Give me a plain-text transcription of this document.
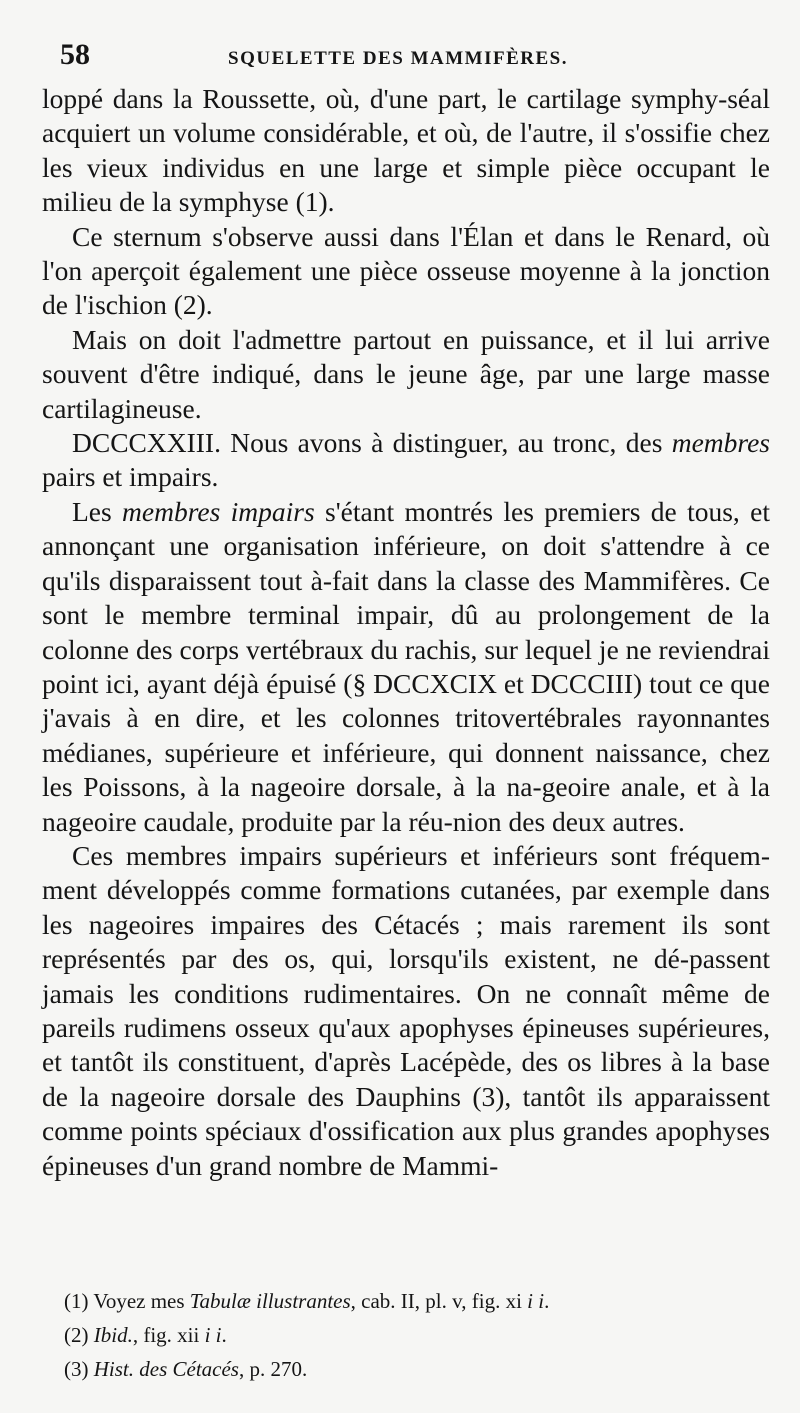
58	SQUELETTE DES MAMMIFÈRES.

loppé dans la Roussette, où, d'une part, le cartilage symphy-séal acquiert un volume considérable, et où, de l'autre, il s'ossifie chez les vieux individus en une large et simple pièce occupant le milieu de la symphyse (1).

Ce sternum s'observe aussi dans l'Élan et dans le Renard, où l'on aperçoit également une pièce osseuse moyenne à la jonction de l'ischion (2).

Mais on doit l'admettre partout en puissance, et il lui arrive souvent d'être indiqué, dans le jeune âge, par une large masse cartilagineuse.

DCCCXXIII. Nous avons à distinguer, au tronc, des membres pairs et impairs.

Les membres impairs s'étant montrés les premiers de tous, et annonçant une organisation inférieure, on doit s'attendre à ce qu'ils disparaissent tout à-fait dans la classe des Mammifères. Ce sont le membre terminal impair, dû au prolongement de la colonne des corps vertébraux du rachis, sur lequel je ne reviendrai point ici, ayant déjà épuisé (§ DCCXCIX et DCCCIII) tout ce que j'avais à en dire, et les colonnes tritovertébrales rayonnantes médianes, supérieure et inférieure, qui donnent naissance, chez les Poissons, à la nageoire dorsale, à la na-geoire anale, et à la nageoire caudale, produite par la réu-nion des deux autres.

Ces membres impairs supérieurs et inférieurs sont fréquem-ment développés comme formations cutanées, par exemple dans les nageoires impaires des Cétacés ; mais rarement ils sont représentés par des os, qui, lorsqu'ils existent, ne dé-passent jamais les conditions rudimentaires. On ne connaît même de pareils rudimens osseux qu'aux apophyses épineuses supérieures, et tantôt ils constituent, d'après Lacépède, des os libres à la base de la nageoire dorsale des Dauphins (3), tantôt ils apparaissent comme points spéciaux d'ossification aux plus grandes apophyses épineuses d'un grand nombre de Mammi-

(1) Voyez mes Tabulæ illustrantes, cab. II, pl. v, fig. xi i i.
(2) Ibid., fig. xii i i.
(3) Hist. des Cétacés, p. 270.
